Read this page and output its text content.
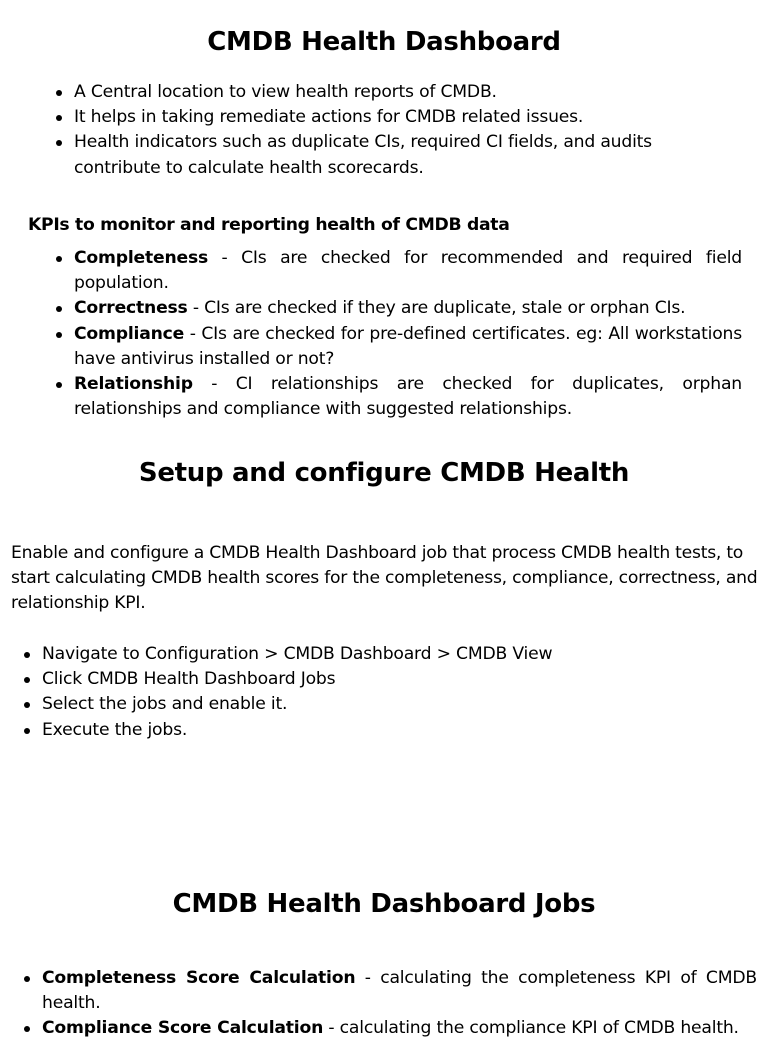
CMDB Health Dashboard
A Central location to view health reports of CMDB.
It helps in taking remediate actions for CMDB related issues.
Health indicators such as duplicate CIs, required CI fields, and audits contribute to calculate health scorecards.

KPIs to monitor and reporting health of CMDB data

Completeness - CIs are checked for recommended and required field population.
Correctness - CIs are checked if they are duplicate, stale or orphan CIs.
Compliance - CIs are checked for pre-defined certificates. eg: All workstations have antivirus installed or not?
Relationship - CI relationships are checked for duplicates, orphan relationships and compliance with suggested relationships.
Setup and configure CMDB Health

Enable and configure a CMDB Health Dashboard job that process CMDB health tests, to start calculating CMDB health scores for the completeness, compliance, correctness, and relationship KPI.

Navigate to Configuration > CMDB Dashboard > CMDB View
Click CMDB Health Dashboard Jobs
Select the jobs and enable it.
Execute the jobs.
CMDB Health Dashboard Jobs
Completeness Score Calculation - calculating the completeness KPI of CMDB health.
Compliance Score Calculation - calculating the compliance KPI of CMDB health.
